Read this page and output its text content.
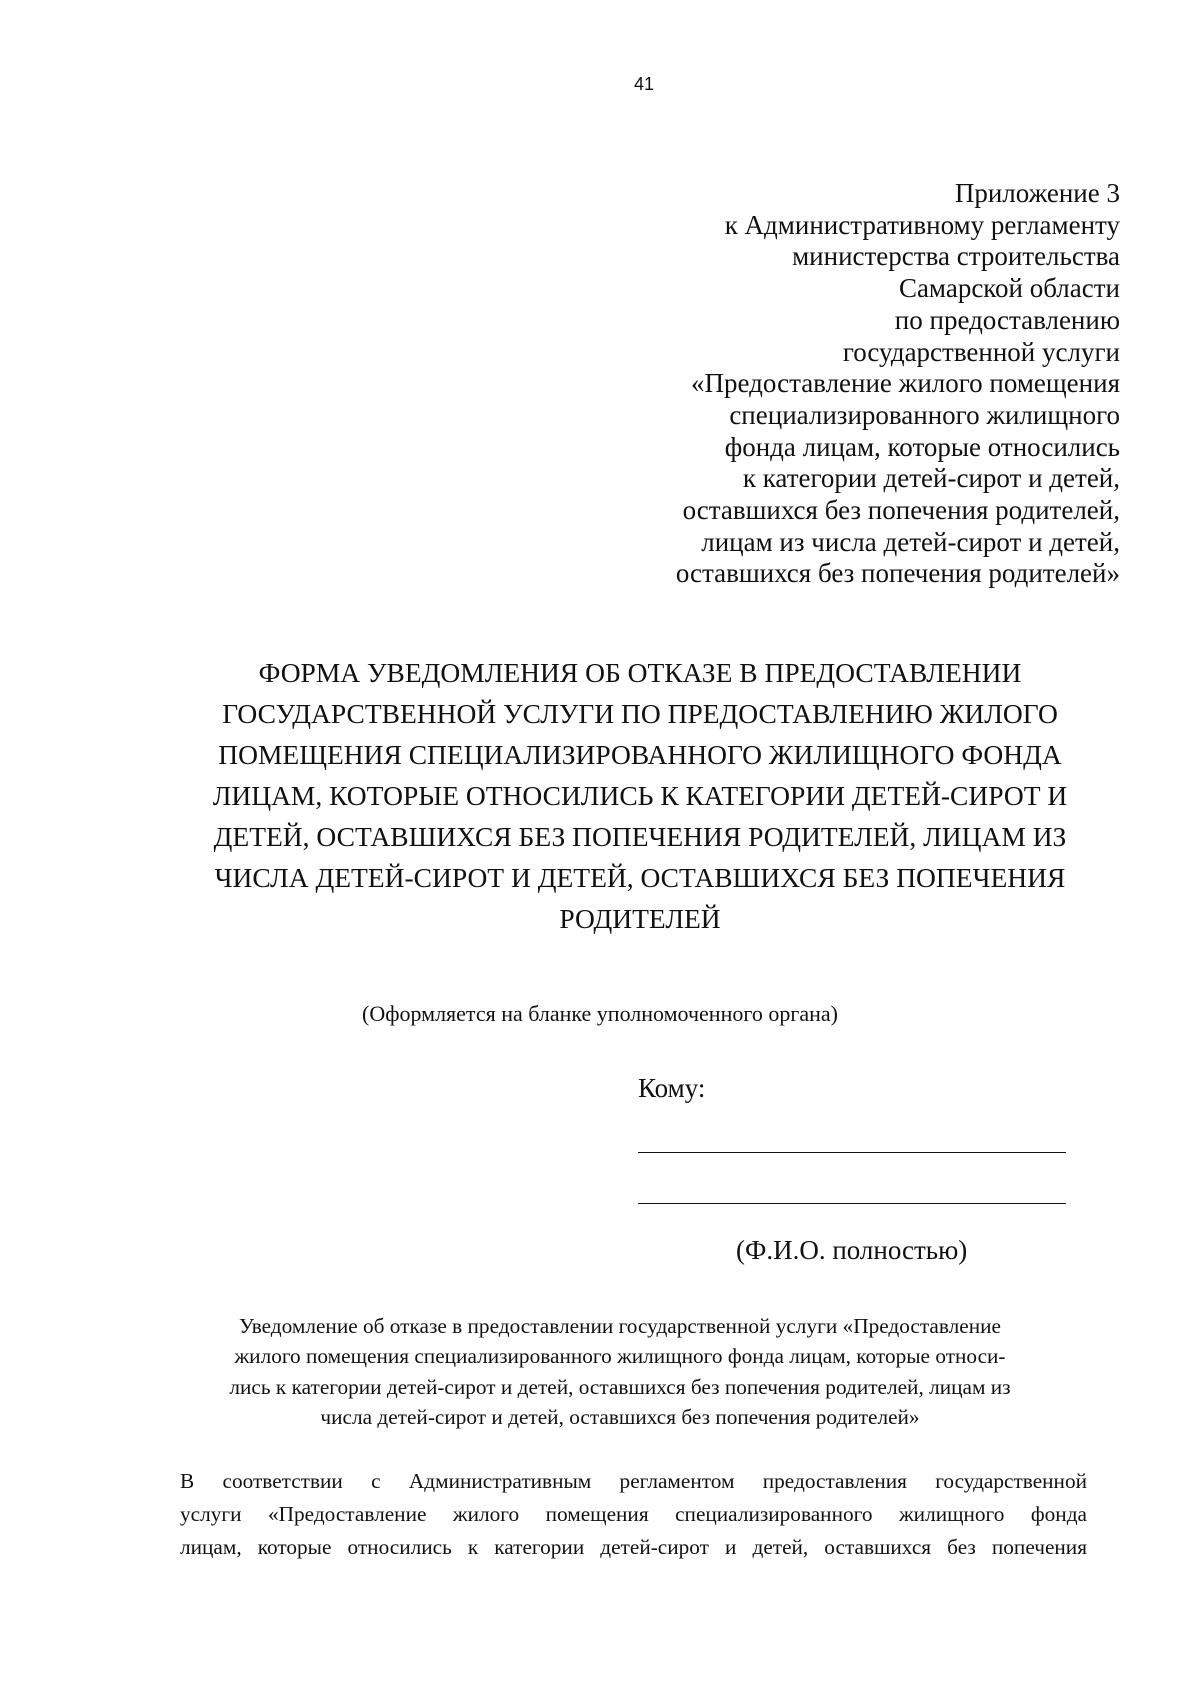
41
Приложение 3
к Административному регламенту
министерства строительства
Самарской области
по предоставлению
государственной услуги
«Предоставление жилого помещения
специализированного жилищного
фонда лицам, которые относились
к категории детей-сирот и детей,
оставшихся без попечения родителей,
лицам из числа детей-сирот и детей,
оставшихся без попечения родителей»
ФОРМА УВЕДОМЛЕНИЯ ОБ ОТКАЗЕ В ПРЕДОСТАВЛЕНИИ
ГОСУДАРСТВЕННОЙ УСЛУГИ ПО ПРЕДОСТАВЛЕНИЮ ЖИЛОГО
ПОМЕЩЕНИЯ СПЕЦИАЛИЗИРОВАННОГО ЖИЛИЩНОГО ФОНДА
ЛИЦАМ, КОТОРЫЕ ОТНОСИЛИСЬ К КАТЕГОРИИ ДЕТЕЙ-СИРОТ И
ДЕТЕЙ, ОСТАВШИХСЯ БЕЗ ПОПЕЧЕНИЯ РОДИТЕЛЕЙ, ЛИЦАМ ИЗ
ЧИСЛА ДЕТЕЙ-СИРОТ И ДЕТЕЙ, ОСТАВШИХСЯ БЕЗ ПОПЕЧЕНИЯ
РОДИТЕЛЕЙ
(Оформляется на бланке уполномоченного органа)
Кому:
(Ф.И.О. полностью)
Уведомление об отказе в предоставлении государственной услуги «Предоставление
жилого помещения специализированного жилищного фонда лицам, которые относи-
лись к категории детей-сирот и детей, оставшихся без попечения родителей, лицам из
числа детей-сирот и детей, оставшихся без попечения родителей»
В соответствии с Административным регламентом предоставления государственной
услуги «Предоставление жилого помещения специализированного жилищного фонда
лицам, которые относились к категории детей-сирот и детей, оставшихся без попечения
